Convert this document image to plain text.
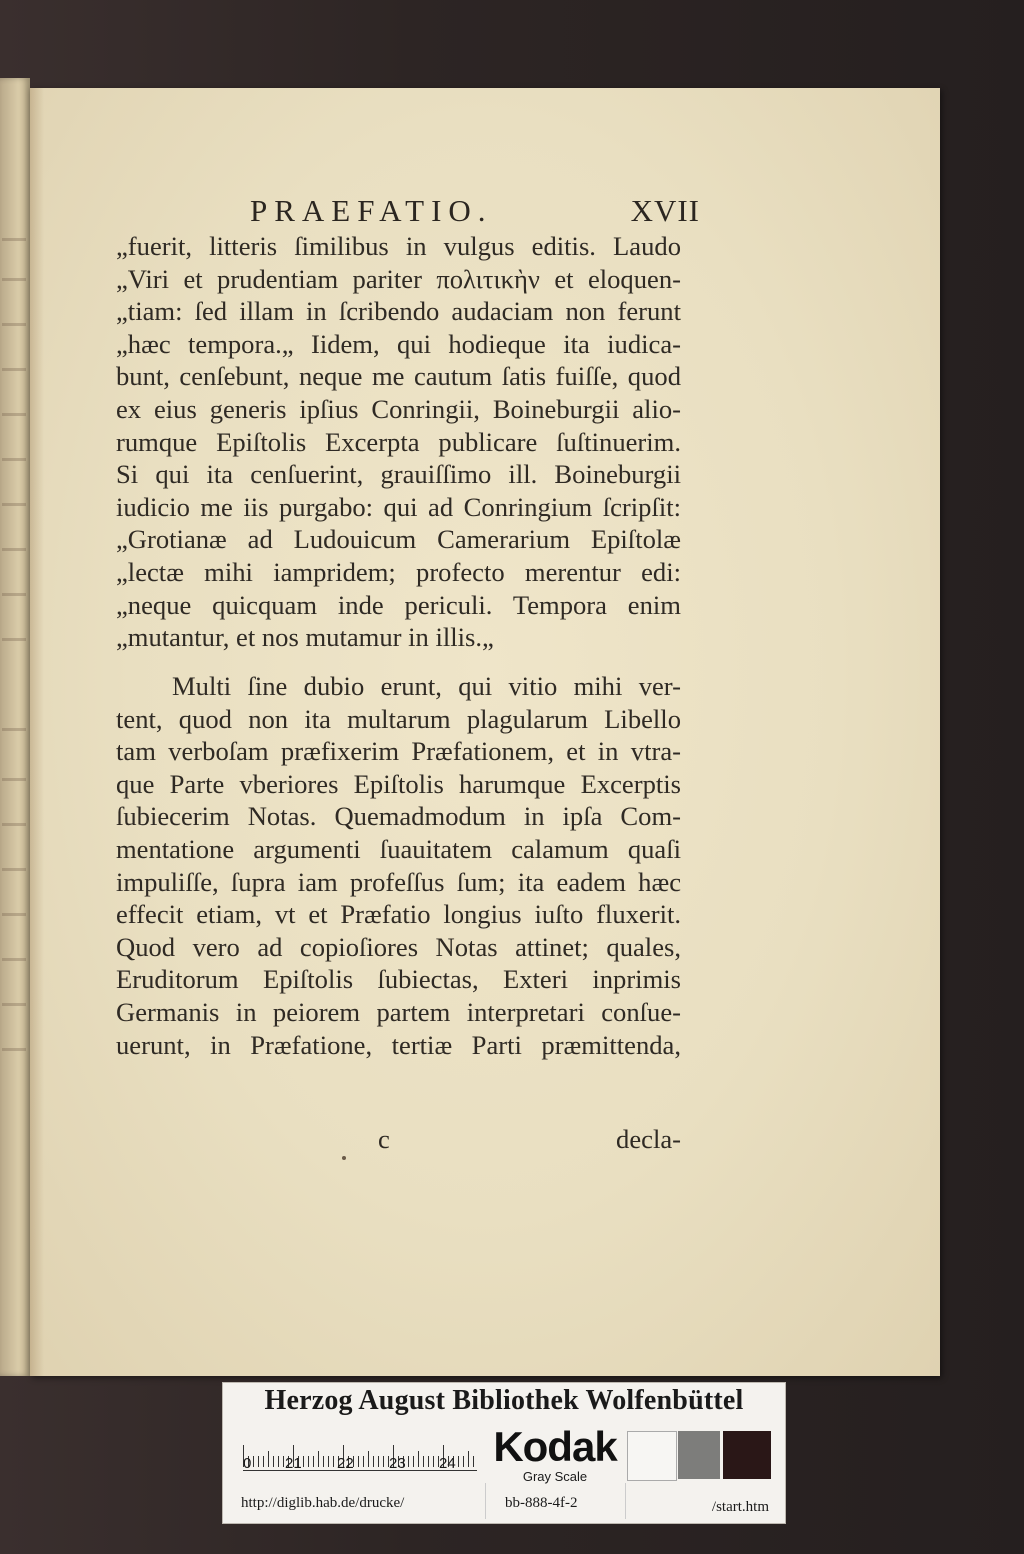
PRAEFATIO.	XVII
„fuerit, litteris ſimilibus in vulgus editis. Laudo
„Viri et prudentiam pariter πολιτικὴν et eloquen-
„tiam: ſed illam in ſcribendo audaciam non ferunt
„hæc tempora.„ Iidem, qui hodieque ita iudica-
bunt, cenſebunt, neque me cautum ſatis fuiſſe, quod
ex eius generis ipſius Conringii, Boineburgii alio-
rumque Epiſtolis Excerpta publicare ſuſtinuerim.
Si qui ita cenſuerint, grauiſſimo ill. Boineburgii
iudicio me iis purgabo: qui ad Conringium ſcripſit:
„Grotianæ ad Ludouicum Camerarium Epiſtolæ
„lectæ mihi iampridem; profecto merentur edi:
„neque quicquam inde periculi. Tempora enim
„mutantur, et nos mutamur in illis.„
Multi ſine dubio erunt, qui vitio mihi ver-
tent, quod non ita multarum plagularum Libello
tam verboſam præfixerim Præfationem, et in vtra-
que Parte vberiores Epiſtolis harumque Excerptis
ſubiecerim Notas. Quemadmodum in ipſa Com-
mentatione argumenti ſuauitatem calamum quaſi
impuliſſe, ſupra iam profeſſus ſum; ita eadem hæc
effecit etiam, vt et Præfatio longius iuſto fluxerit.
Quod vero ad copioſiores Notas attinet; quales,
Eruditorum Epiſtolis ſubiectas, Exteri inprimis
Germanis in peiorem partem interpretari conſue-
uerunt, in Præfatione, tertiæ Parti præmittenda,
c	decla-
Herzog August Bibliothek Wolfenbüttel
0 21 22 23 24 Kodak
Gray Scale
http://diglib.hab.de/drucke/	bb-888-4f-2	/start.htm
